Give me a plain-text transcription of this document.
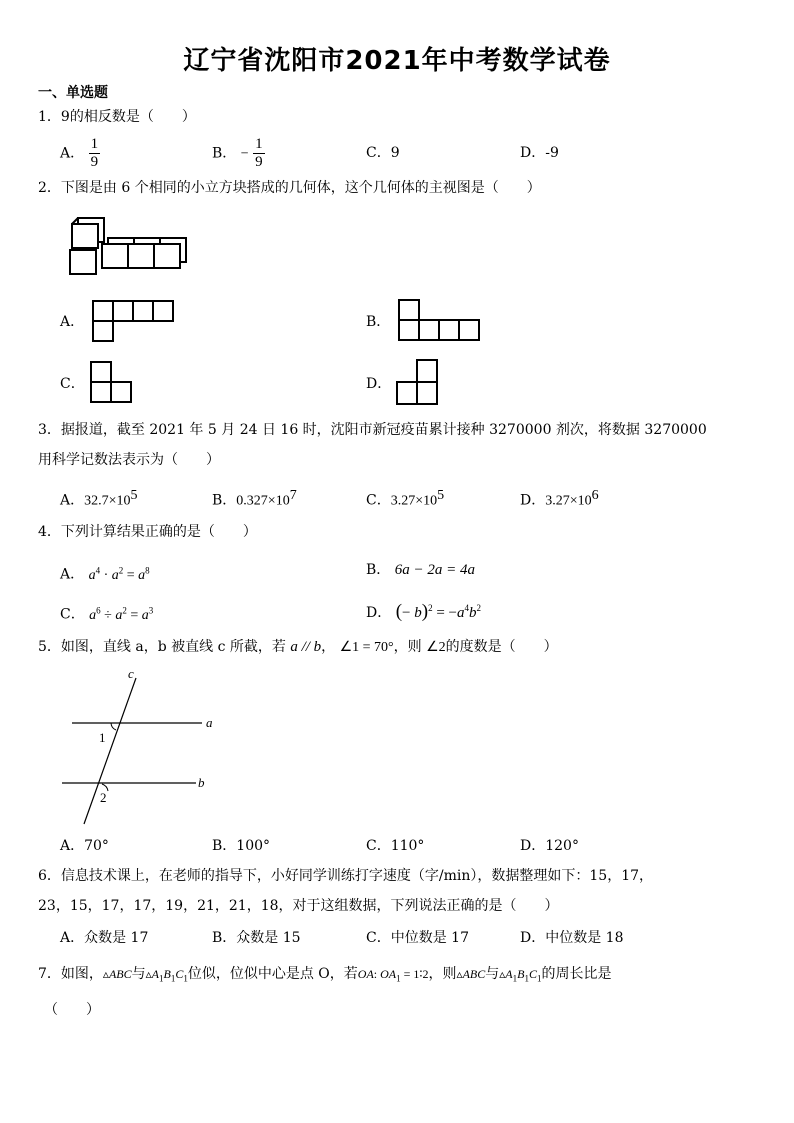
辽宁省沈阳市2021年中考数学试卷
一、单选题
1．9的相反数是（　　）
A． $\frac{1}{9}$	B． − $\frac{1}{9}$	C．9	D．-9
2．下图是由 6 个相同的小立方块搭成的几何体，这个几何体的主视图是（　　）
A．	B．
C．	D．
3．据报道，截至 2021 年 5 月 24 日 16 时，沈阳市新冠疫苗累计接种 3270000 剂次，将数据 3270000
用科学记数法表示为（　　）
A．$32.7\times 10^5$	B．$0.327\times 10^7$	C．$3.27\times 10^5$	D．$3.27\times 10^6$
4．下列计算结果正确的是（　　）
A． $a^4 \cdot a^2 = a^8$	B． 6a − 2a = 4a
C． $a^6 \div a^2 = a^3$	D． (− $b)^2 = -a^4b^2$
5．如图，直线 a，b 被直线 c 所截，若 a // b， ∠1 = 70°，则 ∠2的度数是（　　）
c
a
b
1
2
A．70°	B．100°	C．110°	D．120°
6．信息技术课上，在老师的指导下，小好同学训练打字速度（字/min），数据整理如下：15，17，
23，15，17，17，19，21，21，18，对于这组数据，下列说法正确的是（　　）
A．众数是 17	B．众数是 15	C．中位数是 17	D．中位数是 18
7．如图，▵ABC与$▵A_1B_1C_1$位似，位似中心是点 O，若OA: $OA_1$ = 1∶2，则▵ABC与$▵A_1B_1C_1$的周长比是
（　　）
